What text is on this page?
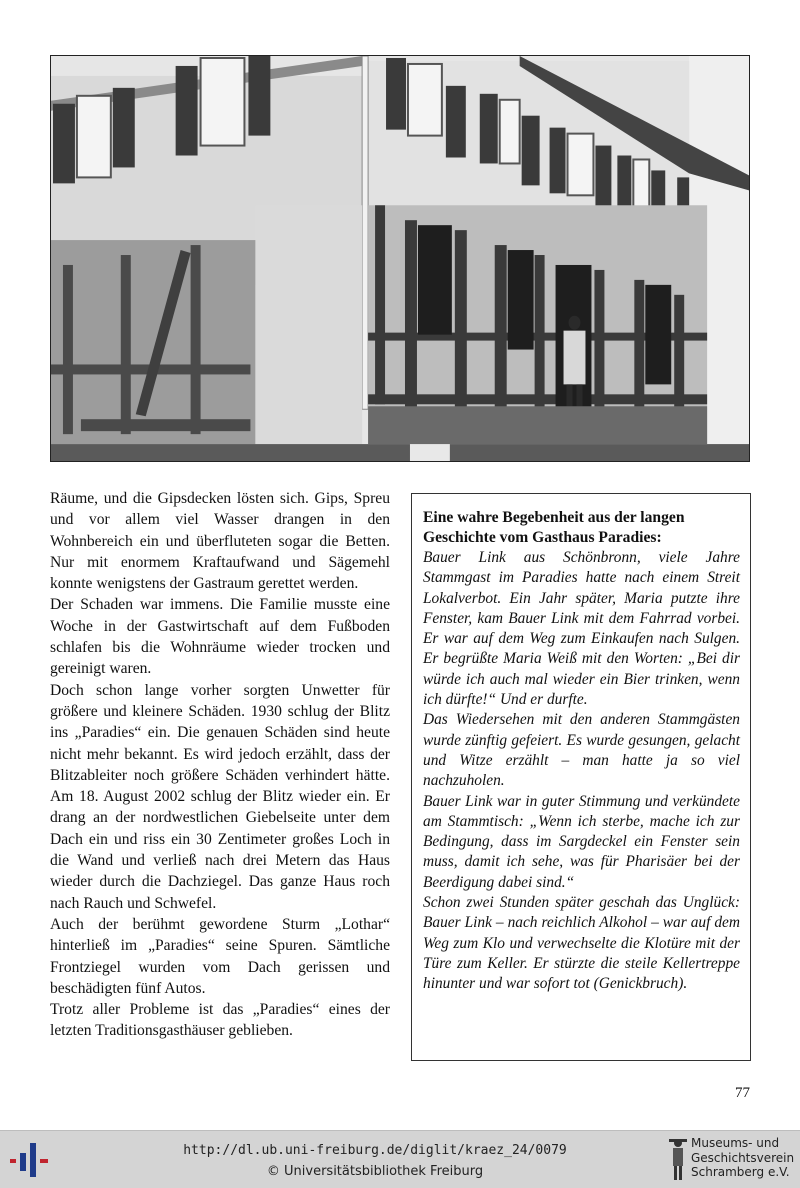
Räume, und die Gipsdecken lösten sich. Gips, Spreu und vor allem viel Wasser drangen in den Wohnbereich ein und überfluteten sogar die Betten. Nur mit enormem Kraftaufwand und Sägemehl konnte wenigstens der Gastraum gerettet werden.

Der Schaden war immens. Die Familie musste eine Woche in der Gastwirtschaft auf dem Fußboden schlafen bis die Wohnräume wieder trocken und gereinigt waren.

Doch schon lange vorher sorgten Unwetter für größere und kleinere Schäden. 1930 schlug der Blitz ins „Paradies“ ein. Die genauen Schäden sind heute nicht mehr bekannt. Es wird jedoch erzählt, dass der Blitzableiter noch größere Schäden verhindert hätte. Am 18. August 2002 schlug der Blitz wieder ein. Er drang an der nordwestlichen Giebelseite unter dem Dach ein und riss ein 30 Zentimeter großes Loch in die Wand und verließ nach drei Metern das Haus wieder durch die Dachziegel. Das ganze Haus roch nach Rauch und Schwefel.

Auch der berühmt gewordene Sturm „Lothar“ hinterließ im „Paradies“ seine Spuren. Sämtliche Frontziegel wurden vom Dach gerissen und beschädigten fünf Autos.

Trotz aller Probleme ist das „Paradies“ eines der letzten Traditionsgasthäuser geblieben.

Eine wahre Begebenheit aus der langen Geschichte vom Gasthaus Paradies:

Bauer Link aus Schönbronn, viele Jahre Stammgast im Paradies hatte nach einem Streit Lokalverbot. Ein Jahr später, Maria putzte ihre Fenster, kam Bauer Link mit dem Fahrrad vorbei. Er war auf dem Weg zum Einkaufen nach Sulgen. Er begrüßte Maria Weiß mit den Worten: „Bei dir würde ich auch mal wieder ein Bier trinken, wenn ich dürfte!“ Und er durfte.

Das Wiedersehen mit den anderen Stammgästen wurde zünftig gefeiert. Es wurde gesungen, gelacht und Witze erzählt – man hatte ja so viel nachzuholen.

Bauer Link war in guter Stimmung und verkündete am Stammtisch: „Wenn ich sterbe, mache ich zur Bedingung, dass im Sargdeckel ein Fenster sein muss, damit ich sehe, was für Pharisäer bei der Beerdigung dabei sind.“

Schon zwei Stunden später geschah das Unglück: Bauer Link – nach reichlich Alkohol – war auf dem Weg zum Klo und verwechselte die Klotüre mit der Türe zum Keller. Er stürzte die steile Kellertreppe hinunter und war sofort tot (Genickbruch).

77
http://dl.ub.uni-freiburg.de/diglit/kraez_24/0079
© Universitätsbibliothek Freiburg
Museums- und
Geschichtsverein
Schramberg e.V.
